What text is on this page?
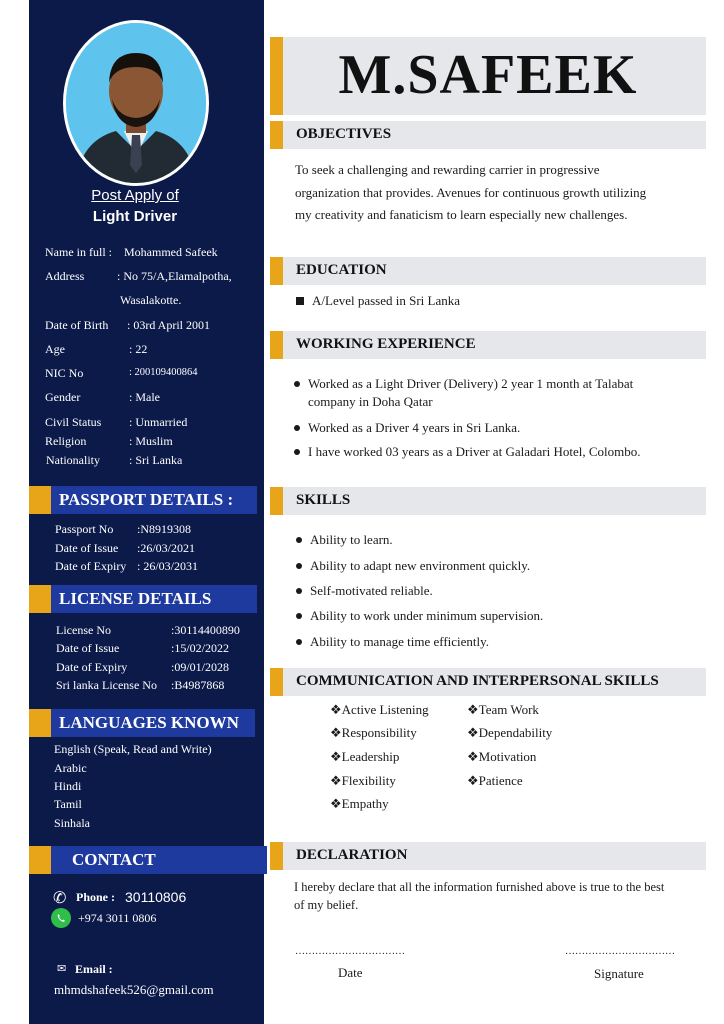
Post Apply of
Light Driver
Name in full : Mohammed Safeek
Address	: No 75/A,Elamalpotha,
Wasalakotte.
Date of Birth : 03rd April 2001
Age	: 22
NIC No	: 200109400864
Gender	: Male
Civil Status : Unmarried
Religion	: Muslim
Nationality : Sri Lanka
PASSPORT DETAILS :
Passport No :N8919308
Date of Issue :26/03/2021
Date of Expiry : 26/03/2031
LICENSE DETAILS
License No	:30114400890
Date of Issue	:15/02/2022
Date of Expiry	:09/01/2028
Sri lanka License No :B4987868
LANGUAGES KNOWN
English (Speak, Read and Write)
Arabic
Hindi
Tamil
Sinhala
CONTACT
✆ Phone : 30110806
+974 3011 0806
✉ Email :
mhmdshafeek526@gmail.com
M.SAFEEK
OBJECTIVES
To seek a challenging and rewarding carrier in progressive
organization that provides. Avenues for continuous growth utilizing
my creativity and fanaticism to learn especially new challenges.
EDUCATION
A/Level passed in Sri Lanka
WORKING EXPERIENCE
Worked as a Light Driver (Delivery) 2 year 1 month at Talabat
company in Doha Qatar
Worked as a Driver 4 years in Sri Lanka.
I have worked 03 years as a Driver at Galadari Hotel, Colombo.
SKILLS
Ability to learn.
Ability to adapt new environment quickly.
Self-motivated reliable.
Ability to work under minimum supervision.
Ability to manage time efficiently.
COMMUNICATION AND INTERPERSONAL SKILLS
❖Active Listening
❖Responsibility
❖Leadership
❖Flexibility
❖Empathy
❖Team Work
❖Dependability
❖Motivation
❖Patience
DECLARATION
I hereby declare that all the information furnished above is true to the best
of my belief.
……………………………	……………………………
Date	Signature
